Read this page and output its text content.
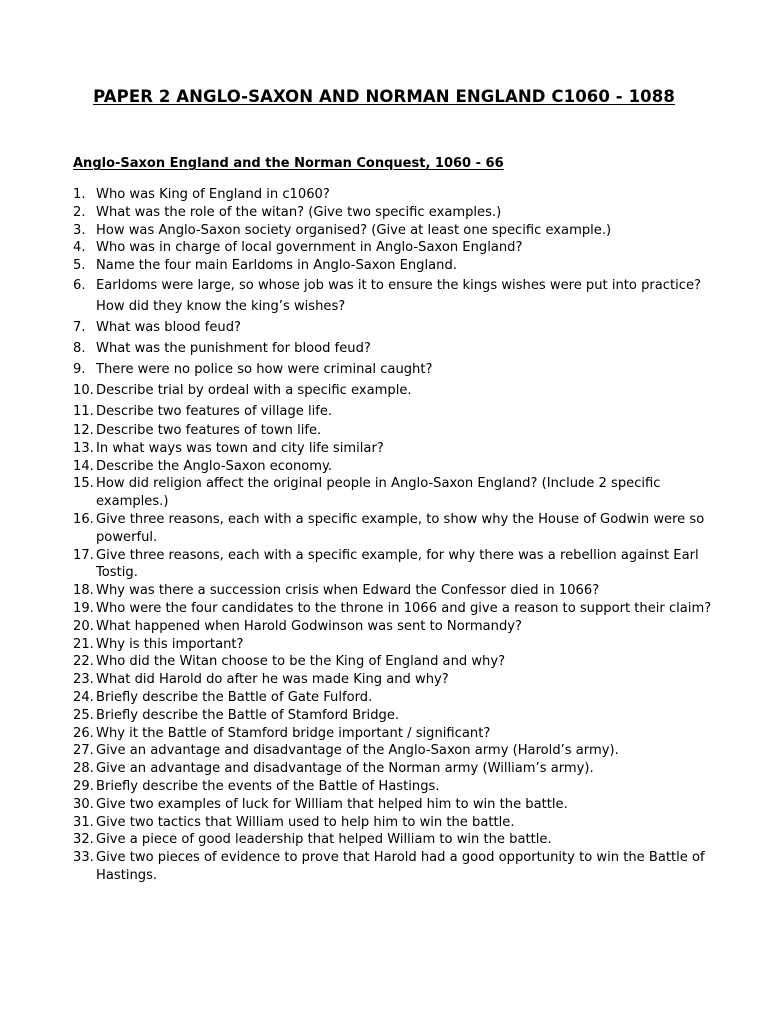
PAPER 2 ANGLO-SAXON AND NORMAN ENGLAND C1060 - 1088
Anglo-Saxon England and the Norman Conquest, 1060 - 66
1. Who was King of England in c1060?
2. What was the role of the witan? (Give two specific examples.)
3. How was Anglo-Saxon society organised? (Give at least one specific example.)
4. Who was in charge of local government in Anglo-Saxon England?
5. Name the four main Earldoms in Anglo-Saxon England.
6. Earldoms were large, so whose job was it to ensure the kings wishes were put into practice? How did they know the king’s wishes?
7. What was blood feud?
8. What was the punishment for blood feud?
9. There were no police so how were criminal caught?
10. Describe trial by ordeal with a specific example.
11. Describe two features of village life.
12. Describe two features of town life.
13. In what ways was town and city life similar?
14. Describe the Anglo-Saxon economy.
15. How did religion affect the original people in Anglo-Saxon England? (Include 2 specific examples.)
16. Give three reasons, each with a specific example, to show why the House of Godwin were so powerful.
17. Give three reasons, each with a specific example, for why there was a rebellion against Earl Tostig.
18. Why was there a succession crisis when Edward the Confessor died in 1066?
19. Who were the four candidates to the throne in 1066 and give a reason to support their claim?
20. What happened when Harold Godwinson was sent to Normandy?
21. Why is this important?
22. Who did the Witan choose to be the King of England and why?
23. What did Harold do after he was made King and why?
24. Briefly describe the Battle of Gate Fulford.
25. Briefly describe the Battle of Stamford Bridge.
26. Why it the Battle of Stamford bridge important / significant?
27. Give an advantage and disadvantage of the Anglo-Saxon army (Harold’s army).
28. Give an advantage and disadvantage of the Norman army (William’s army).
29. Briefly describe the events of the Battle of Hastings.
30. Give two examples of luck for William that helped him to win the battle.
31. Give two tactics that William used to help him to win the battle.
32. Give a piece of good leadership that helped William to win the battle.
33. Give two pieces of evidence to prove that Harold had a good opportunity to win the Battle of Hastings.
